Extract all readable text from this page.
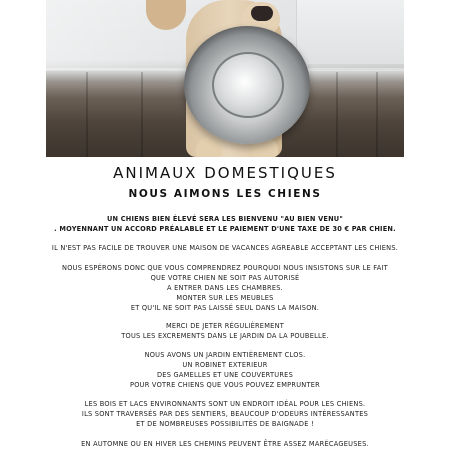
ANIMAUX DOMESTIQUES
NOUS AIMONS LES CHIENS
UN CHIENS BIEN ÉLEVÉ SERA LES BIENVENU "AU BIEN VENU"
. MOYENNANT UN ACCORD PRÉALABLE ET LE PAIEMENT D'UNE TAXE DE 30 € PAR CHIEN.
IL N'EST PAS FACILE DE TROUVER UNE MAISON DE VACANCES AGREABLE ACCEPTANT LES CHIENS.
NOUS ESPÉRONS DONC QUE VOUS COMPRENDREZ POURQUOI NOUS INSISTONS SUR LE FAIT
QUE VOTRE CHIEN NE SOIT PAS AUTORISÉ
A ENTRER DANS LES CHAMBRES.
MONTER SUR LES MEUBLES
ET QU'IL NE SOIT PAS LAISSÉ SEUL DANS LA MAISON.
MERCI DE JETER RÉGULIÈREMENT
TOUS LES EXCREMENTS DANS LE JARDIN DA LA POUBELLE.
NOUS AVONS UN JARDIN ENTIÈREMENT CLOS.
UN ROBINET EXTERIEUR
DES GAMELLES ET UNE COUVERTURES
POUR VOTRE CHIENS QUE VOUS POUVEZ EMPRUNTER
LES BOIS ET LACS ENVIRONNANTS SONT UN ENDROIT IDÉAL POUR LES CHIENS.
ILS SONT TRAVERSÉS PAR DES SENTIERS, BEAUCOUP D'ODEURS INTÉRESSANTES
ET DE NOMBREUSES POSSIBILITÉS DE BAIGNADE !
EN AUTOMNE OU EN HIVER LES CHEMINS PEUVENT ÊTRE ASSEZ MARÉCAGEUSES.
